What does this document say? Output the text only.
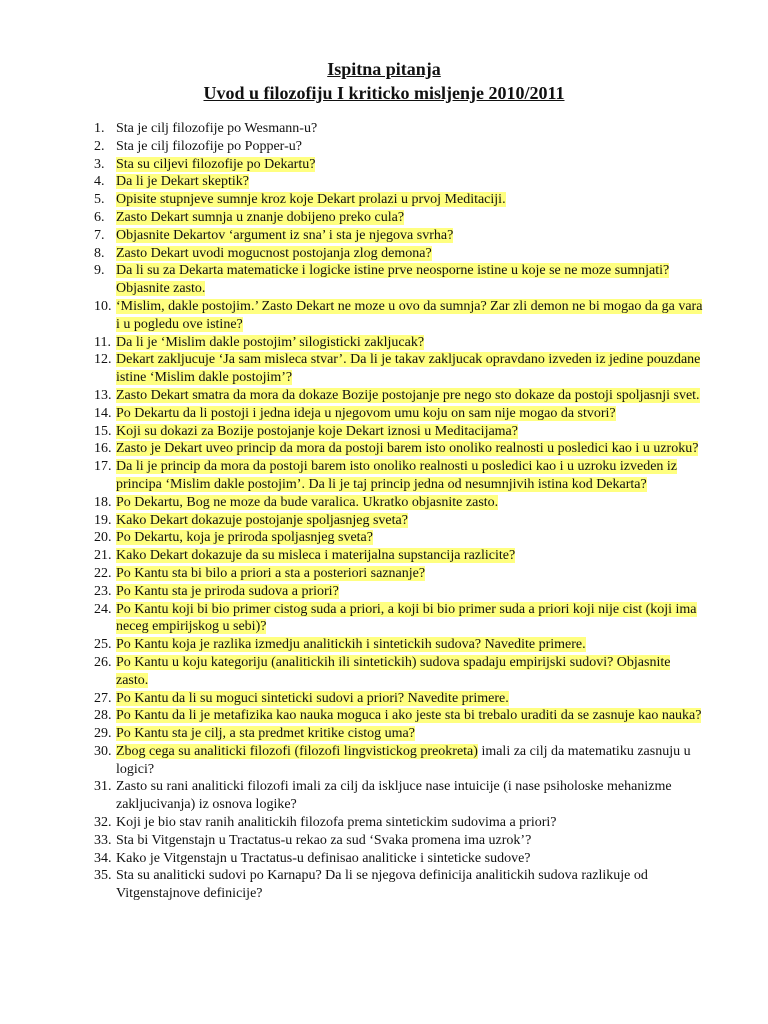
Ispitna pitanja
Uvod u filozofiju I kriticko misljenje 2010/2011
1. Sta je cilj filozofije po Wesmann-u?
2. Sta je cilj filozofije po Popper-u?
3. Sta su ciljevi filozofije po Dekartu?
4. Da li je Dekart skeptik?
5. Opisite stupnjeve sumnje kroz koje Dekart prolazi u prvoj Meditaciji.
6. Zasto Dekart sumnja u znanje dobijeno preko cula?
7. Objasnite Dekartov ‘argument iz sna’ i sta je njegova svrha?
8. Zasto Dekart uvodi mogucnost postojanja zlog demona?
9. Da li su za Dekarta matematicke i logicke istine prve neosporne istine u koje se ne moze sumnjati? Objasnite zasto.
10. ‘Mislim, dakle postojim.’ Zasto Dekart ne moze u ovo da sumnja? Zar zli demon ne bi mogao da ga vara i u pogledu ove istine?
11. Da li je ‘Mislim dakle postojim’ silogisticki zakljucak?
12. Dekart zakljucuje ‘Ja sam misleca stvar’. Da li je takav zakljucak opravdano izveden iz jedine pouzdane istine ‘Mislim dakle postojim’?
13. Zasto Dekart smatra da mora da dokaze Bozije postojanje pre nego sto dokaze da postoji spoljasnji svet.
14. Po Dekartu da li postoji i jedna ideja u njegovom umu koju on sam nije mogao da stvori?
15. Koji su dokazi za Bozije postojanje koje Dekart iznosi u Meditacijama?
16. Zasto je Dekart uveo princip da mora da postoji barem isto onoliko realnosti u posledici kao i u uzroku?
17. Da li je princip da mora da postoji barem isto onoliko realnosti u posledici kao i u uzroku izveden iz principa ‘Mislim dakle postojim’. Da li je taj princip jedna od nesumnjivih istina kod Dekarta?
18. Po Dekartu, Bog ne moze da bude varalica. Ukratko objasnite zasto.
19. Kako Dekart dokazuje postojanje spoljasnjeg sveta?
20. Po Dekartu, koja je priroda spoljasnjeg sveta?
21. Kako Dekart dokazuje da su misleca i materijalna supstancija razlicite?
22. Po Kantu sta bi bilo a priori a sta a posteriori saznanje?
23. Po Kantu sta je priroda sudova a priori?
24. Po Kantu koji bi bio primer cistog suda a priori, a koji bi bio primer suda a priori koji nije cist (koji ima neceg empirijskog u sebi)?
25. Po Kantu koja je razlika izmedju analitickih i sintetickih sudova? Navedite primere.
26. Po Kantu u koju kategoriju (analitickih ili sintetickih) sudova spadaju empirijski sudovi? Objasnite zasto.
27. Po Kantu da li su moguci sinteticki sudovi a priori? Navedite primere.
28. Po Kantu da li je metafizika kao nauka moguca i ako jeste sta bi trebalo uraditi da se zasnuje kao nauka?
29. Po Kantu sta je cilj, a sta predmet kritike cistog uma?
30. Zbog cega su analiticki filozofi (filozofi lingvistickog preokreta) imali za cilj da matematiku zasnuju u logici?
31. Zasto su rani analiticki filozofi imali za cilj da iskljuce nase intuicije (i nase psiholoske mehanizme zakljucivanja) iz osnova logike?
32. Koji je bio stav ranih analitickih filozofa prema sintetickim sudovima a priori?
33. Sta bi Vitgenstajn u Tractatus-u rekao za sud ‘Svaka promena ima uzrok’?
34. Kako je Vitgenstajn u Tractatus-u definisao analiticke i sinteticke sudove?
35. Sta su analiticki sudovi po Karnapu? Da li se njegova definicija analitickih sudova razlikuje od Vitgenstajnove definicije?
